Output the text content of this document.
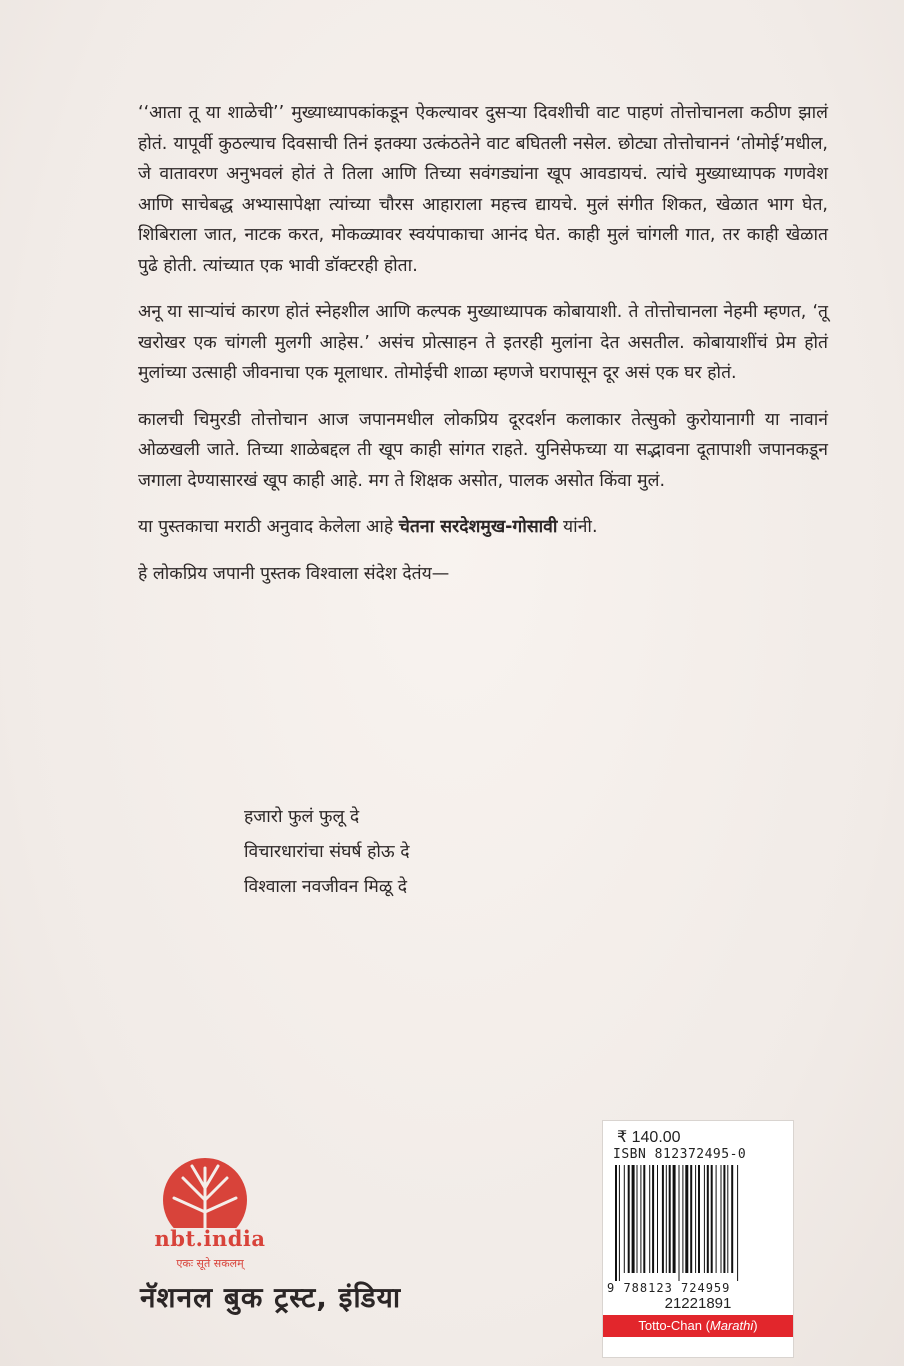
‘‘आता तू या शाळेची’’ मुख्याध्यापकांकडून ऐकल्यावर दुसऱ्या दिवशीची वाट पाहणं तोत्तोचानला कठीण झालं होतं. यापूर्वी कुठल्याच दिवसाची तिनं इतक्या उत्कंठतेने वाट बघितली नसेल. छोट्या तोत्तोचाननं ‘तोमोई’मधील, जे वातावरण अनुभवलं होतं ते तिला आणि तिच्या सवंगड्यांना खूप आवडायचं. त्यांचे मुख्याध्यापक गणवेश आणि साचेबद्ध अभ्यासापेक्षा त्यांच्या चौरस आहाराला महत्त्व द्यायचे. मुलं संगीत शिकत, खेळात भाग घेत, शिबिराला जात, नाटक करत, मोकळ्यावर स्वयंपाकाचा आनंद घेत. काही मुलं चांगली गात, तर काही खेळात पुढे होती. त्यांच्यात एक भावी डॉक्टरही होता.

अनू या साऱ्यांचं कारण होतं स्नेहशील आणि कल्पक मुख्याध्यापक कोबायाशी. ते तोत्तोचानला नेहमी म्हणत, ‘तू खरोखर एक चांगली मुलगी आहेस.’ असंच प्रोत्साहन ते इतरही मुलांना देत असतील. कोबायाशींचं प्रेम होतं मुलांच्या उत्साही जीवनाचा एक मूलाधार. तोमोईची शाळा म्हणजे घरापासून दूर असं एक घर होतं.

कालची चिमुरडी तोत्तोचान आज जपानमधील लोकप्रिय दूरदर्शन कलाकार तेत्सुको कुरोयानागी या नावानं ओळखली जाते. तिच्या शाळेबद्दल ती खूप काही सांगत राहते. युनिसेफच्या या सद्भावना दूतापाशी जपानकडून जगाला देण्यासारखं खूप काही आहे. मग ते शिक्षक असोत, पालक असोत किंवा मुलं.

या पुस्तकाचा मराठी अनुवाद केलेला आहे चेतना सरदेशमुख-गोसावी यांनी.

हे लोकप्रिय जपानी पुस्तक विश्वाला संदेश देतंय—

हजारो फुलं फुलू दे
विचारधारांचा संघर्ष होऊ दे
विश्वाला नवजीवन मिळू दे
nbt.india
एकः सूते सकलम्
नॅशनल बुक ट्रस्ट, इंडिया
₹ 140.00
ISBN 812372495-0
9 788123 724959
21221891
Totto-Chan (Marathi)
